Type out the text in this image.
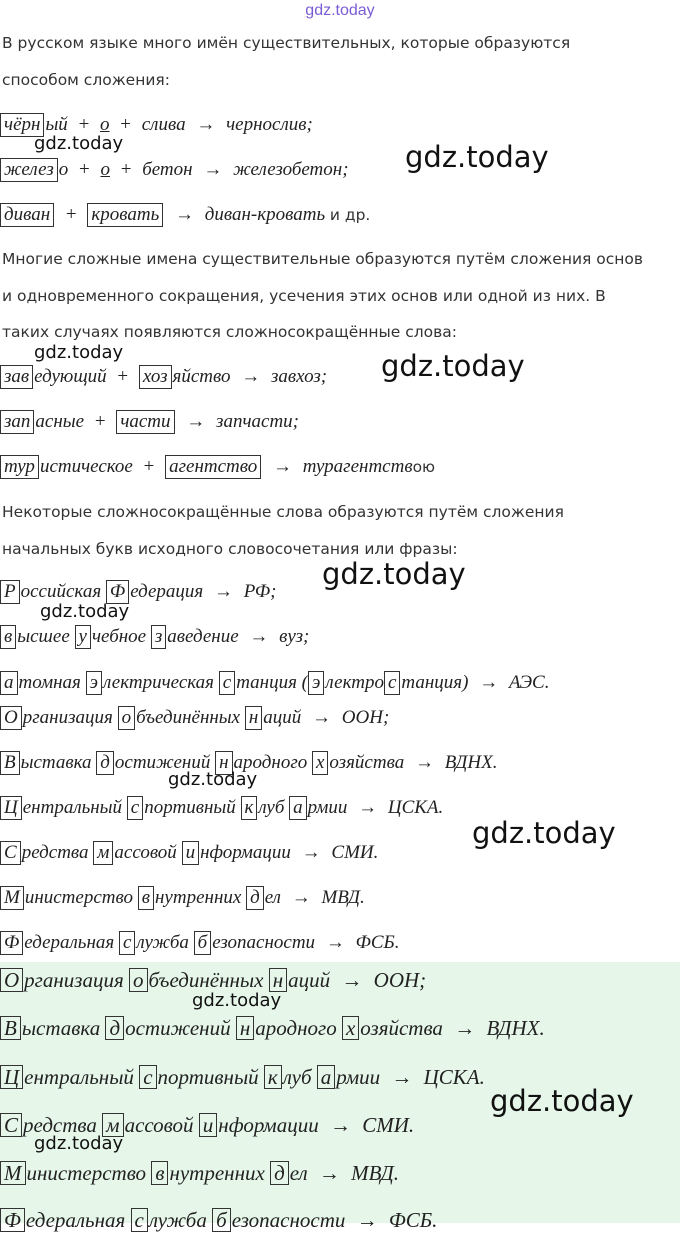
gdz.today
В русском языке много имён существительных, которые образуются
способом сложения:
чёрн ый + о + слива → чернослив;
желез о + о + бетон → железобетон;
диван + кровать → диван-кровать и др.
Многие сложные имена существительные образуются путём сложения основ
и одновременного сокращения, усечения этих основ или одной из них. В
таких случаях появляются сложносокращённые слова:
зав едующий + хоз яйство → завхоз;
зап асные + части → запчасти;
тур истическое + агентство → турагентствою
Некоторые сложносокращённые слова образуются путём сложения
начальных букв исходного словосочетания или фразы:
Р оссийская Ф едерация → РФ;
в ысшее у чебное з аведение → вуз;
а томная э лектрическая с танция ( э лектро с танция) → АЭС.
О рганизация о бъединённых н аций → ООН;
В ыставка д остижений н ародного х озяйства → ВДНХ.
Ц ентральный с портивный к луб а рмии → ЦСКА.
С редства м ассовой и нформации → СМИ.
М инистерство в нутренних д ел → МВД.
Ф едеральная с лужба б езопасности → ФСБ.
О рганизация о бъединённых н аций → ООН;
В ыставка д остижений н ародного х озяйства → ВДНХ.
Ц ентральный с портивный к луб а рмии → ЦСКА.
С редства м ассовой и нформации → СМИ.
М инистерство в нутренних д ел → МВД.
Ф едеральная с лужба б езопасности → ФСБ.
gdz.today	gdz.today
gdz.today	gdz.today
gdz.today
gdz.today
gdz.today
gdz.today
gdz.today
gdz.today
gdz.today
